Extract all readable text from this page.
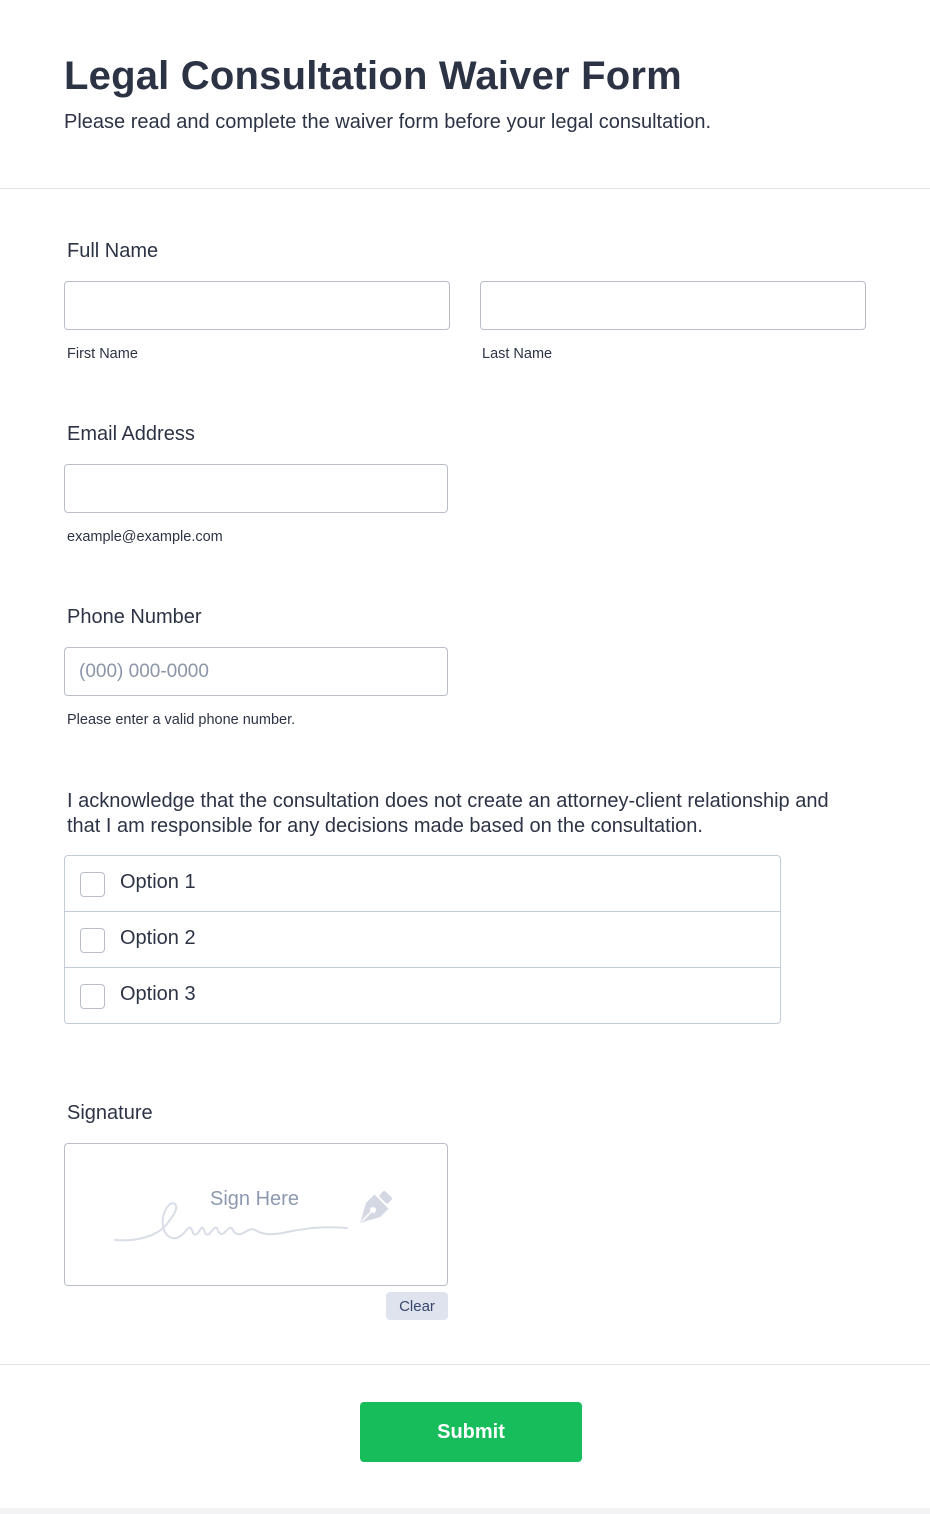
Legal Consultation Waiver Form

Please read and complete the waiver form before your legal consultation.

Full Name
First Name	Last Name
Email Address
example@example.com
Phone Number
(000) 000-0000
Please enter a valid phone number.

I acknowledge that the consultation does not create an attorney-client relationship and that I am responsible for any decisions made based on the consultation.

Option 1
Option 2
Option 3
Signature
Sign Here
Clear
Submit
